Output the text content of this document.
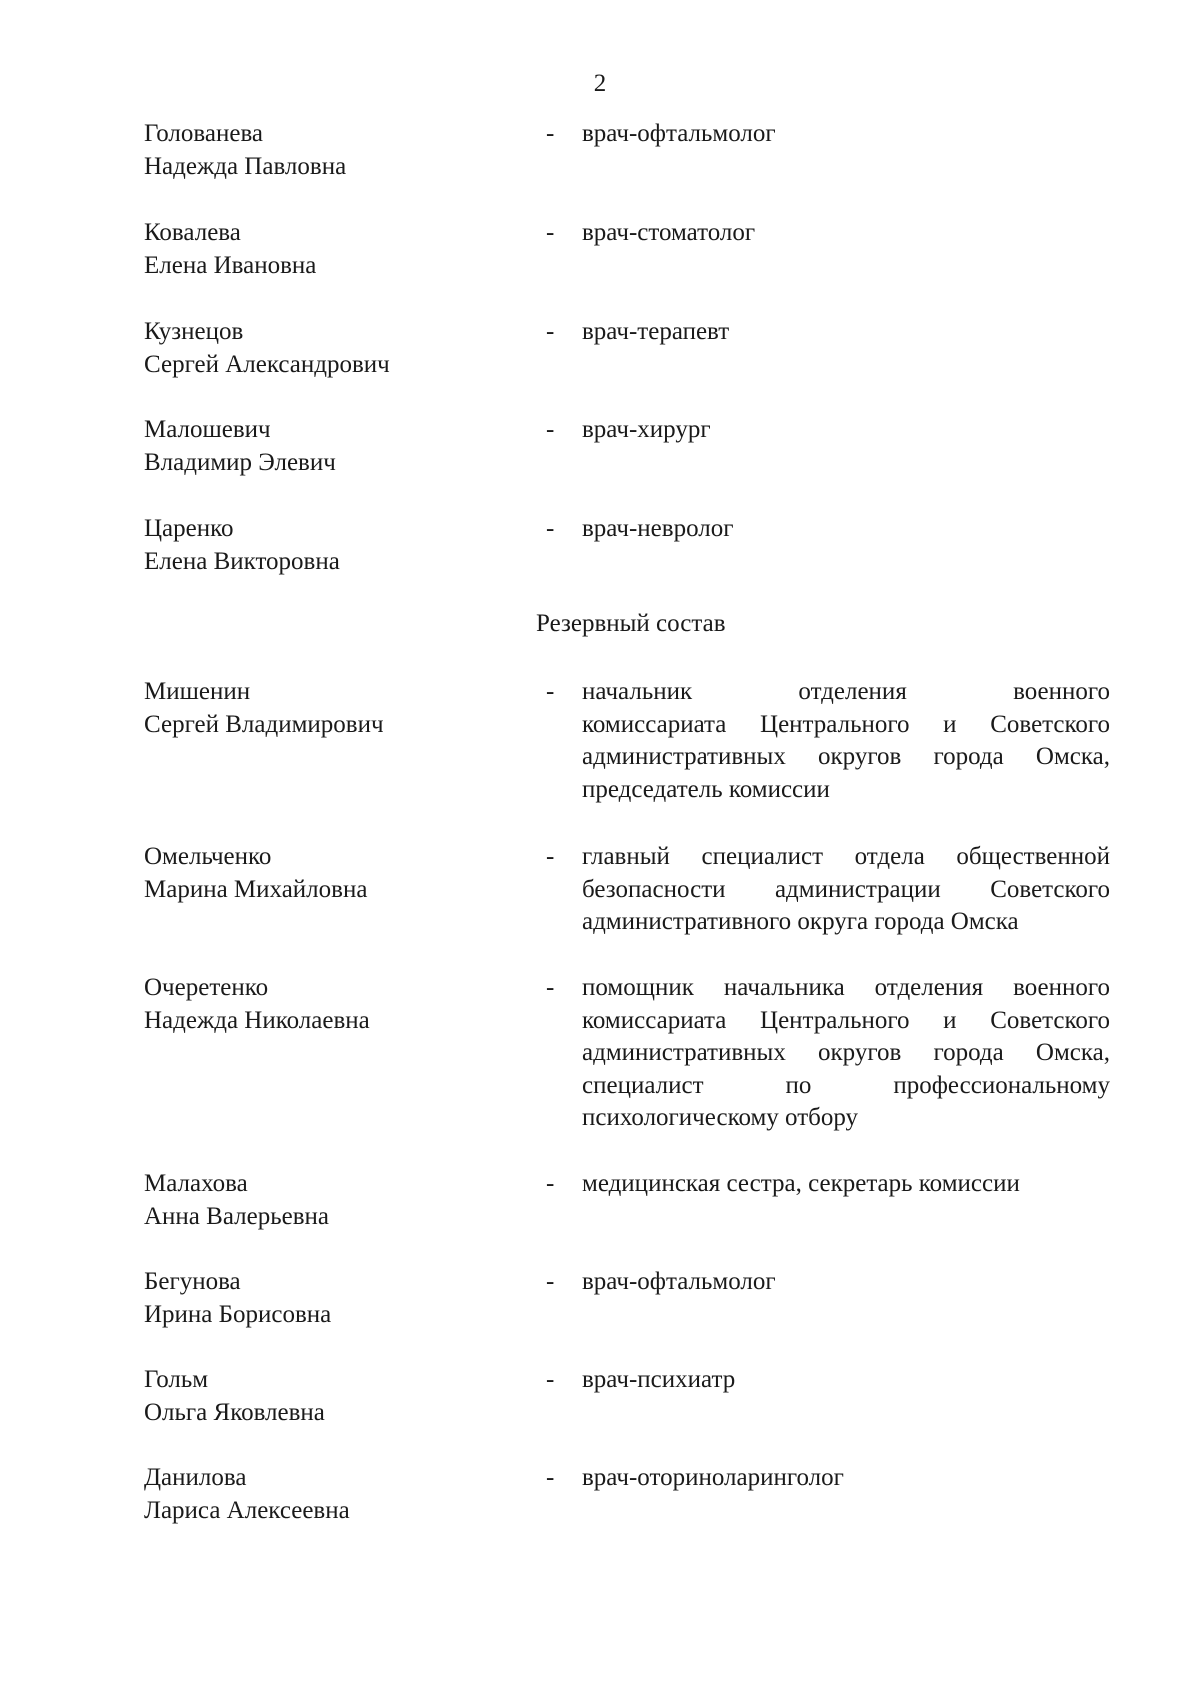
2
Голованева
Надежда Павловна
- врач-офтальмолог
Ковалева
Елена Ивановна
- врач-стоматолог
Кузнецов
Сергей Александрович
- врач-терапевт
Малошевич
Владимир Элевич
- врач-хирург
Царенко
Елена Викторовна
- врач-невролог
Резервный состав
Мишенин
Сергей Владимирович
- начальник отделения военного
комиссариата Центрального и Советского
административных округов города Омска,
председатель комиссии
Омельченко
Марина Михайловна
- главный специалист отдела общественной
безопасности администрации Советского
административного округа города Омска
Очеретенко
Надежда Николаевна
- помощник начальника отделения военного
комиссариата Центрального и Советского
административных округов города Омска,
специалист по профессиональному
психологическому отбору
Малахова
Анна Валерьевна
- медицинская сестра, секретарь комиссии
Бегунова
Ирина Борисовна
- врач-офтальмолог
Гольм
Ольга Яковлевна
- врач-психиатр
Данилова
Лариса Алексеевна
- врач-оториноларинголог
